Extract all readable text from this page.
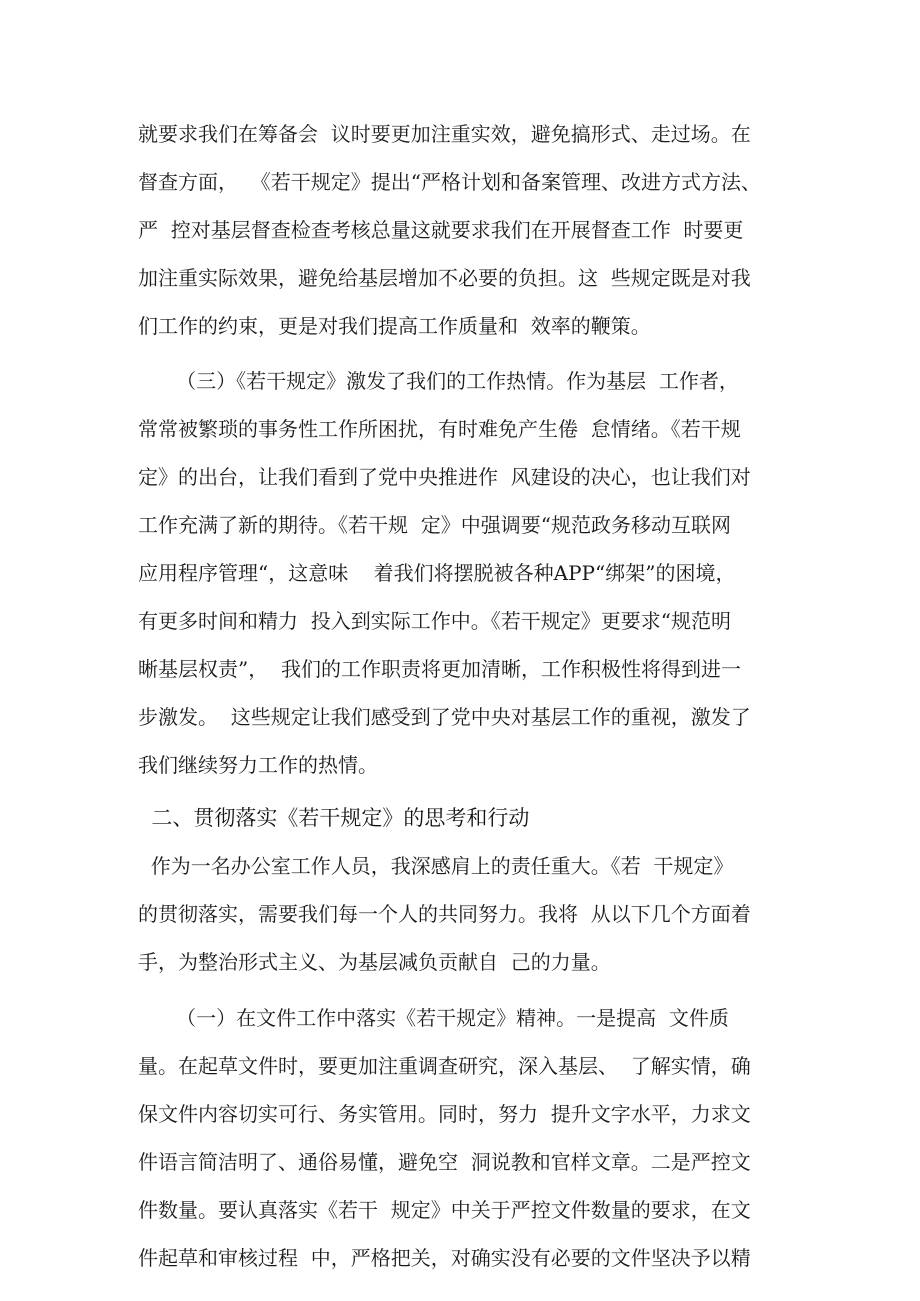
就要求我们在筹备会  议时要更加注重实效，避免搞形式、走过场。在
督查方面，  《若干规定》提出“严格计划和备案管理、改进方式方法、
严  控对基层督查检查考核总量这就要求我们在开展督查工作  时要更
加注重实际效果，避免给基层增加不必要的负担。这  些规定既是对我
们工作的约束，更是对我们提高工作质量和  效率的鞭策。
（三）《若干规定》激发了我们的工作热情。作为基层  工作者，
常常被繁琐的事务性工作所困扰，有时难免产生倦  怠情绪。《若干规
定》的出台，让我们看到了党中央推进作  风建设的决心，也让我们对
工作充满了新的期待。《若干规  定》中强调要“规范政务移动互联网
应用程序管理“，这意味    着我们将摆脱被各种APP“绑架”的困境，
有更多时间和精力  投入到实际工作中。《若干规定》更要求“规范明
晰基层权责”，  我们的工作职责将更加清晰，工作积极性将得到进一
步激发。  这些规定让我们感受到了党中央对基层工作的重视，激发了
我们继续努力工作的热情。
二、贯彻落实《若干规定》的思考和行动
作为一名办公室工作人员，我深感肩上的责任重大。《若  干规定》
的贯彻落实，需要我们每一个人的共同努力。我将  从以下几个方面着
手，为整治形式主义、为基层减负贡献自  己的力量。
（一）在文件工作中落实《若干规定》精神。一是提高  文件质
量。在起草文件时，要更加注重调查研究，深入基层、  了解实情，确
保文件内容切实可行、务实管用。同时，努力  提升文字水平，力求文
件语言简洁明了、通俗易懂，避免空  洞说教和官样文章。二是严控文
件数量。要认真落实《若干  规定》中关于严控文件数量的要求，在文
件起草和审核过程  中，严格把关，对确实没有必要的文件坚决予以精
